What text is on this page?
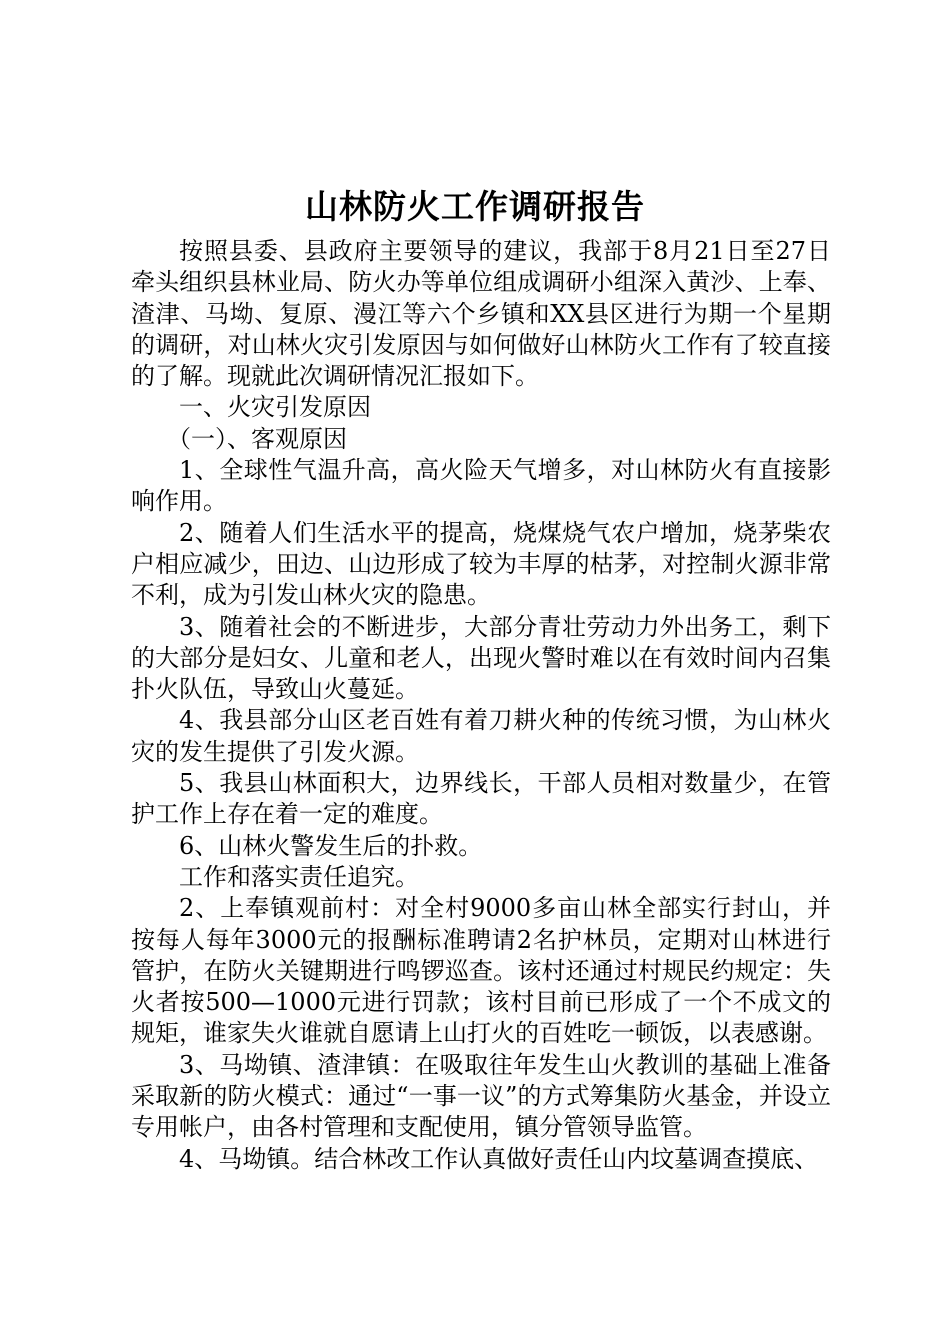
山林防火工作调研报告

按照县委、县政府主要领导的建议，我部于8月21日至27日牵头组织县林业局、防火办等单位组成调研小组深入黄沙、上奉、渣津、马坳、复原、漫江等六个乡镇和XX县区进行为期一个星期的调研，对山林火灾引发原因与如何做好山林防火工作有了较直接的了解。现就此次调研情况汇报如下。

一、火灾引发原因

（一）、客观原因

1、全球性气温升高，高火险天气增多，对山林防火有直接影响作用。

2、随着人们生活水平的提高，烧煤烧气农户增加，烧茅柴农户相应减少，田边、山边形成了较为丰厚的枯茅，对控制火源非常不利，成为引发山林火灾的隐患。

3、随着社会的不断进步，大部分青壮劳动力外出务工，剩下的大部分是妇女、儿童和老人，出现火警时难以在有效时间内召集扑火队伍，导致山火蔓延。

4、我县部分山区老百姓有着刀耕火种的传统习惯，为山林火灾的发生提供了引发火源。

5、我县山林面积大，边界线长，干部人员相对数量少，在管护工作上存在着一定的难度。

6、山林火警发生后的扑救。

工作和落实责任追究。

2、上奉镇观前村：对全村9000多亩山林全部实行封山，并按每人每年3000元的报酬标准聘请2名护林员，定期对山林进行管护，在防火关键期进行鸣锣巡查。该村还通过村规民约规定：失火者按500—1000元进行罚款；该村目前已形成了一个不成文的规矩，谁家失火谁就自愿请上山打火的百姓吃一顿饭，以表感谢。

3、马坳镇、渣津镇：在吸取往年发生山火教训的基础上准备采取新的防火模式：通过“一事一议”的方式筹集防火基金，并设立专用帐户，由各村管理和支配使用，镇分管领导监管。

4、马坳镇。结合林改工作认真做好责任山内坟墓调查摸底、
